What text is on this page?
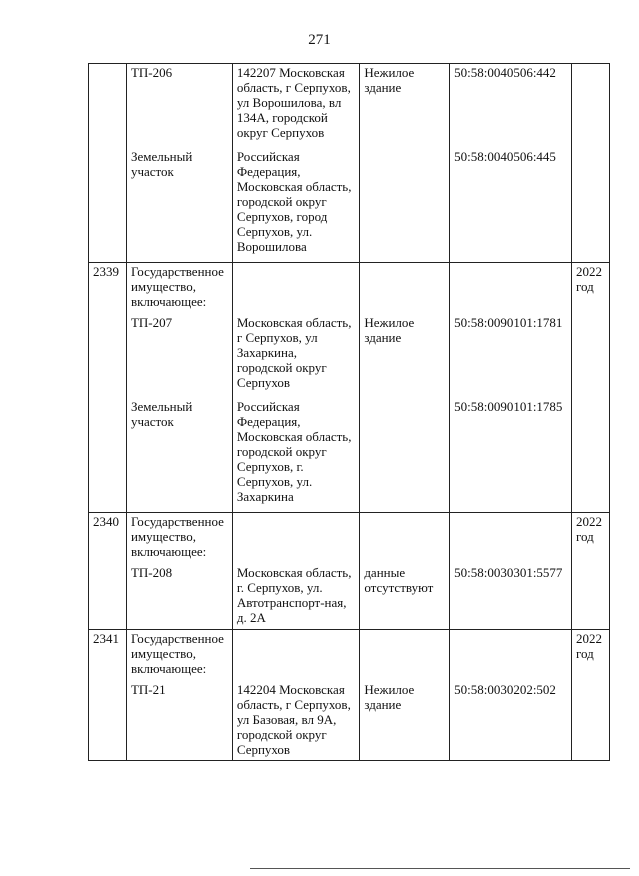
271
	ТП-206	142207 Московская область, г Серпухов, ул Ворошилова, вл 134А, городской округ Серпухов	Нежилое здание	50:58:0040506:442	
	Земельный участок	Российская Федерация, Московская область, городской округ Серпухов, город Серпухов, ул. Ворошилова		50:58:0040506:445	
2339	Государственное имущество, включающее:				2022 год
	ТП-207	Московская область, г Серпухов, ул Захаркина, городской округ Серпухов	Нежилое здание	50:58:0090101:1781	
	Земельный участок	Российская Федерация, Московская область, городской округ Серпухов, г. Серпухов, ул. Захаркина		50:58:0090101:1785	
2340	Государственное имущество, включающее:				2022 год
	ТП-208	Московская область, г. Серпухов, ул. Автотранспорт-ная, д. 2А	данные отсутствуют	50:58:0030301:5577	
2341	Государственное имущество, включающее:				2022 год
	ТП-21	142204 Московская область, г Серпухов, ул Базовая, вл 9А, городской округ Серпухов	Нежилое здание	50:58:0030202:502	
